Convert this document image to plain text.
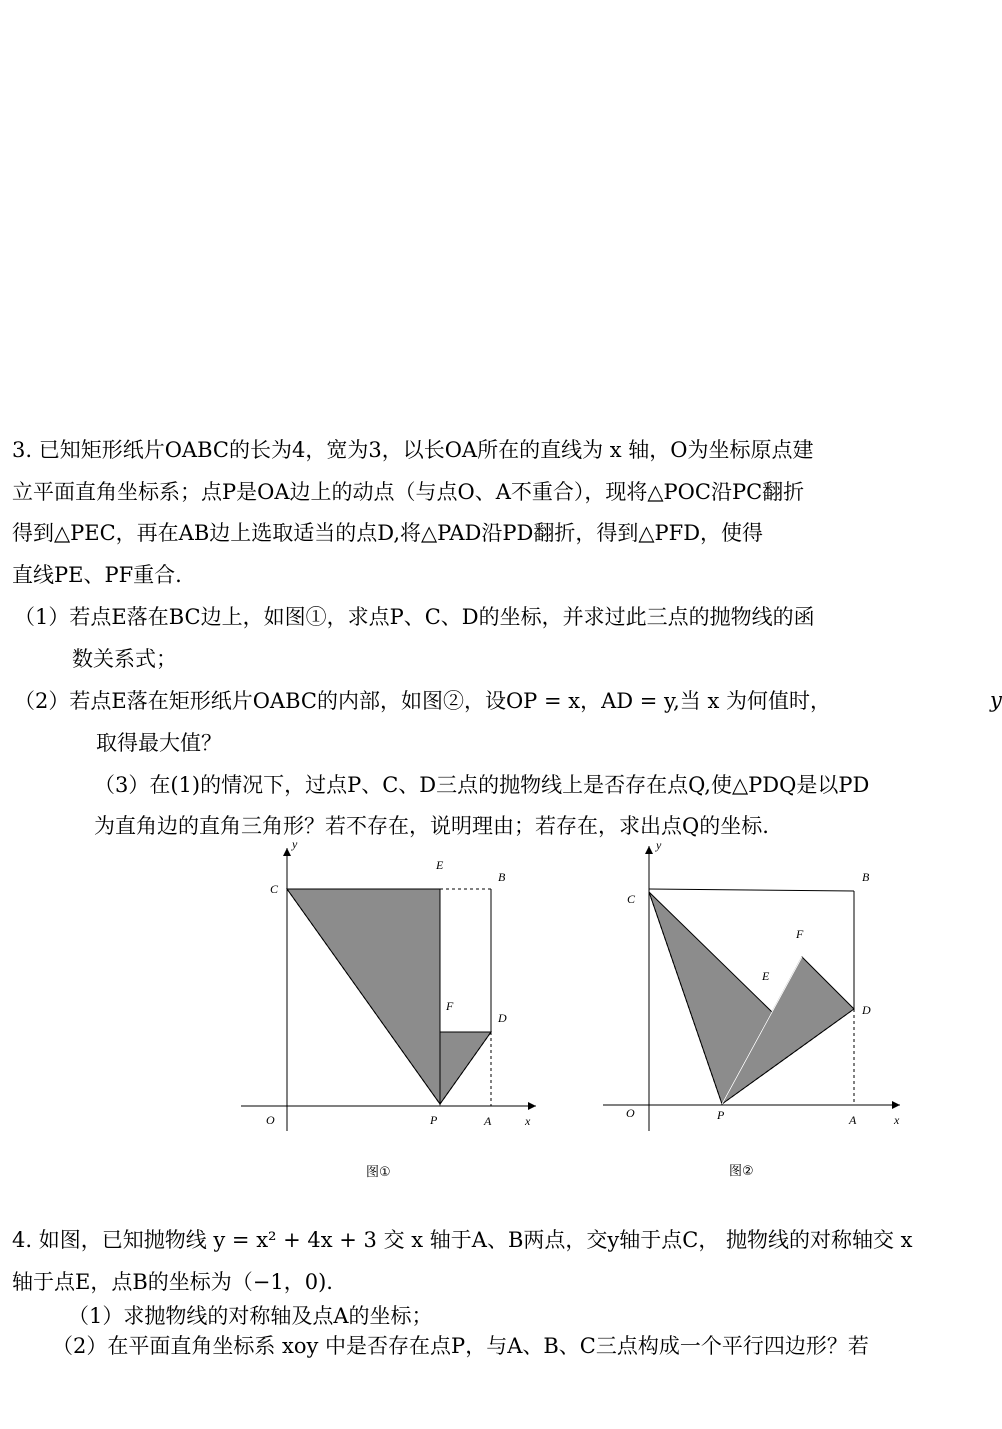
3. 已知矩形纸片OABC的长为4，宽为3，以长OA所在的直线为 x 轴，O为坐标原点建
立平面直角坐标系；点P是OA边上的动点（与点O、A不重合），现将△POC沿PC翻折
得到△PEC，再在AB边上选取适当的点D,将△PAD沿PD翻折，得到△PFD，使得
直线PE、PF重合.
（1）若点E落在BC边上，如图①，求点P、C、D的坐标，并求过此三点的抛物线的函
数关系式；
（2）若点E落在矩形纸片OABC的内部，如图②，设OP = x，AD = y,当 x 为何值时，	y
取得最大值？
（3）在(1)的情况下，过点P、C、D三点的抛物线上是否存在点Q,使△PDQ是以PD
为直角边的直角三角形？若不存在，说明理由；若存在，求出点Q的坐标.
y
C
E
B
F
D
O	P	A	x
图①
y
C
B
F
E
D
O	P	A	x
图②
4. 如图，已知抛物线 y = x² + 4x + 3 交 x 轴于A、B两点，交y轴于点C， 抛物线的对称轴交 x
轴于点E，点B的坐标为（−1，0).
（1）求抛物线的对称轴及点A的坐标；
（2）在平面直角坐标系 xoy 中是否存在点P，与A、B、C三点构成一个平行四边形？若
